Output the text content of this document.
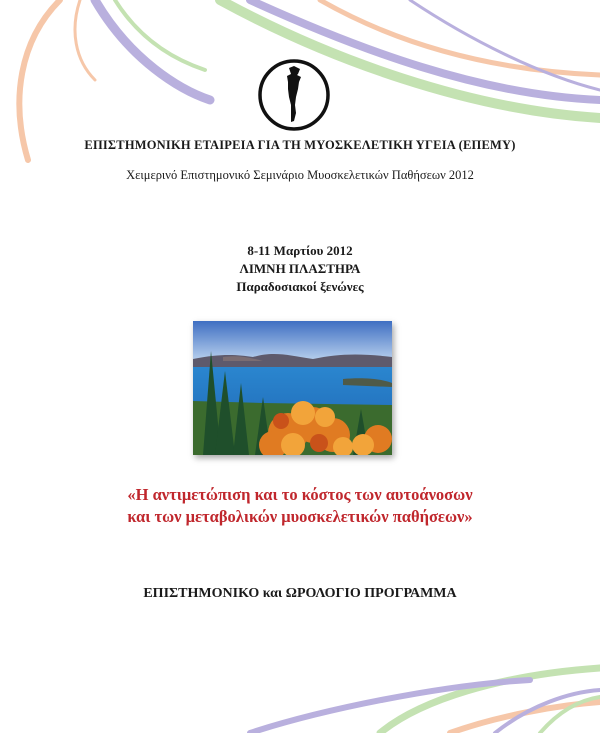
ΕΠΙΣΤΗΜΟΝΙΚΗ ΕΤΑΙΡΕΙΑ ΓΙΑ ΤΗ ΜΥΟΣΚΕΛΕΤΙΚΗ ΥΓΕΙΑ (ΕΠΕΜΥ)
Χειμερινό Επιστημονικό Σεμινάριο Μυοσκελετικών Παθήσεων 2012
8-11 Μαρτίου 2012
ΛΙΜΝΗ ΠΛΑΣΤΗΡΑ
Παραδοσιακοί ξενώνες
«Η αντιμετώπιση και το κόστος των αυτοάνοσων
και των μεταβολικών μυοσκελετικών παθήσεων»
ΕΠΙΣΤΗΜΟΝΙΚΟ και ΩΡΟΛΟΓΙΟ ΠΡΟΓΡΑΜΜΑ
